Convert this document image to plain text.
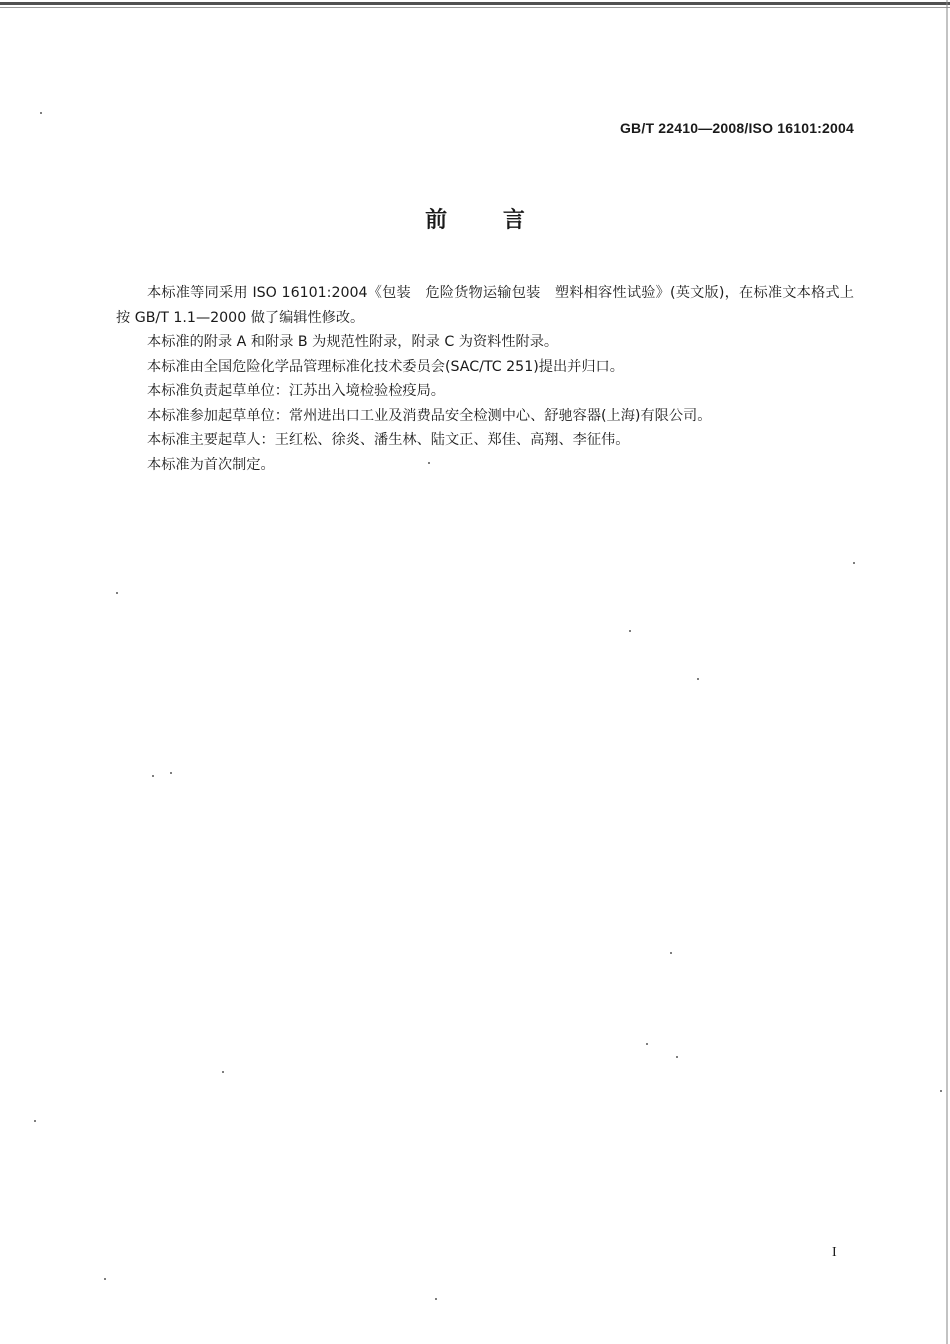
GB/T 22410—2008/ISO 16101:2004
前 言

本标准等同采用 ISO 16101:2004《包装　危险货物运输包装　塑料相容性试验》(英文版)，在标准文本格式上按 GB/T 1.1—2000 做了编辑性修改。

本标准的附录 A 和附录 B 为规范性附录，附录 C 为资料性附录。

本标准由全国危险化学品管理标准化技术委员会(SAC/TC 251)提出并归口。

本标准负责起草单位：江苏出入境检验检疫局。

本标准参加起草单位：常州进出口工业及消费品安全检测中心、舒驰容器(上海)有限公司。

本标准主要起草人：王红松、徐炎、潘生林、陆文正、郑佳、高翔、李征伟。

本标准为首次制定。

I
